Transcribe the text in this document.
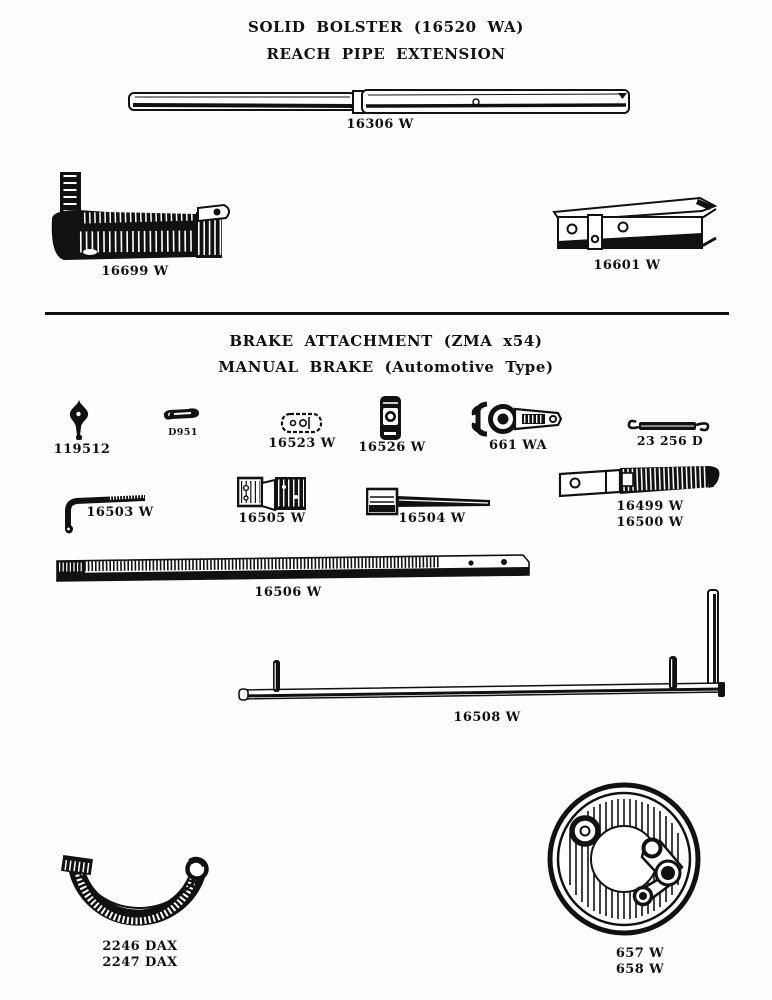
SOLID BOLSTER (16520 WA)
REACH PIPE EXTENSION
16306 W
16699 W	16601 W
BRAKE ATTACHMENT (ZMA x54)
MANUAL BRAKE (Automotive Type)
119512
D951
16523 W	16526 W	661 WA	23 256 D
16503 W	16505 W	16504 W
16499 W
16500 W
16506 W
16508 W
2246 DAX
2247 DAX
657 W
658 W
